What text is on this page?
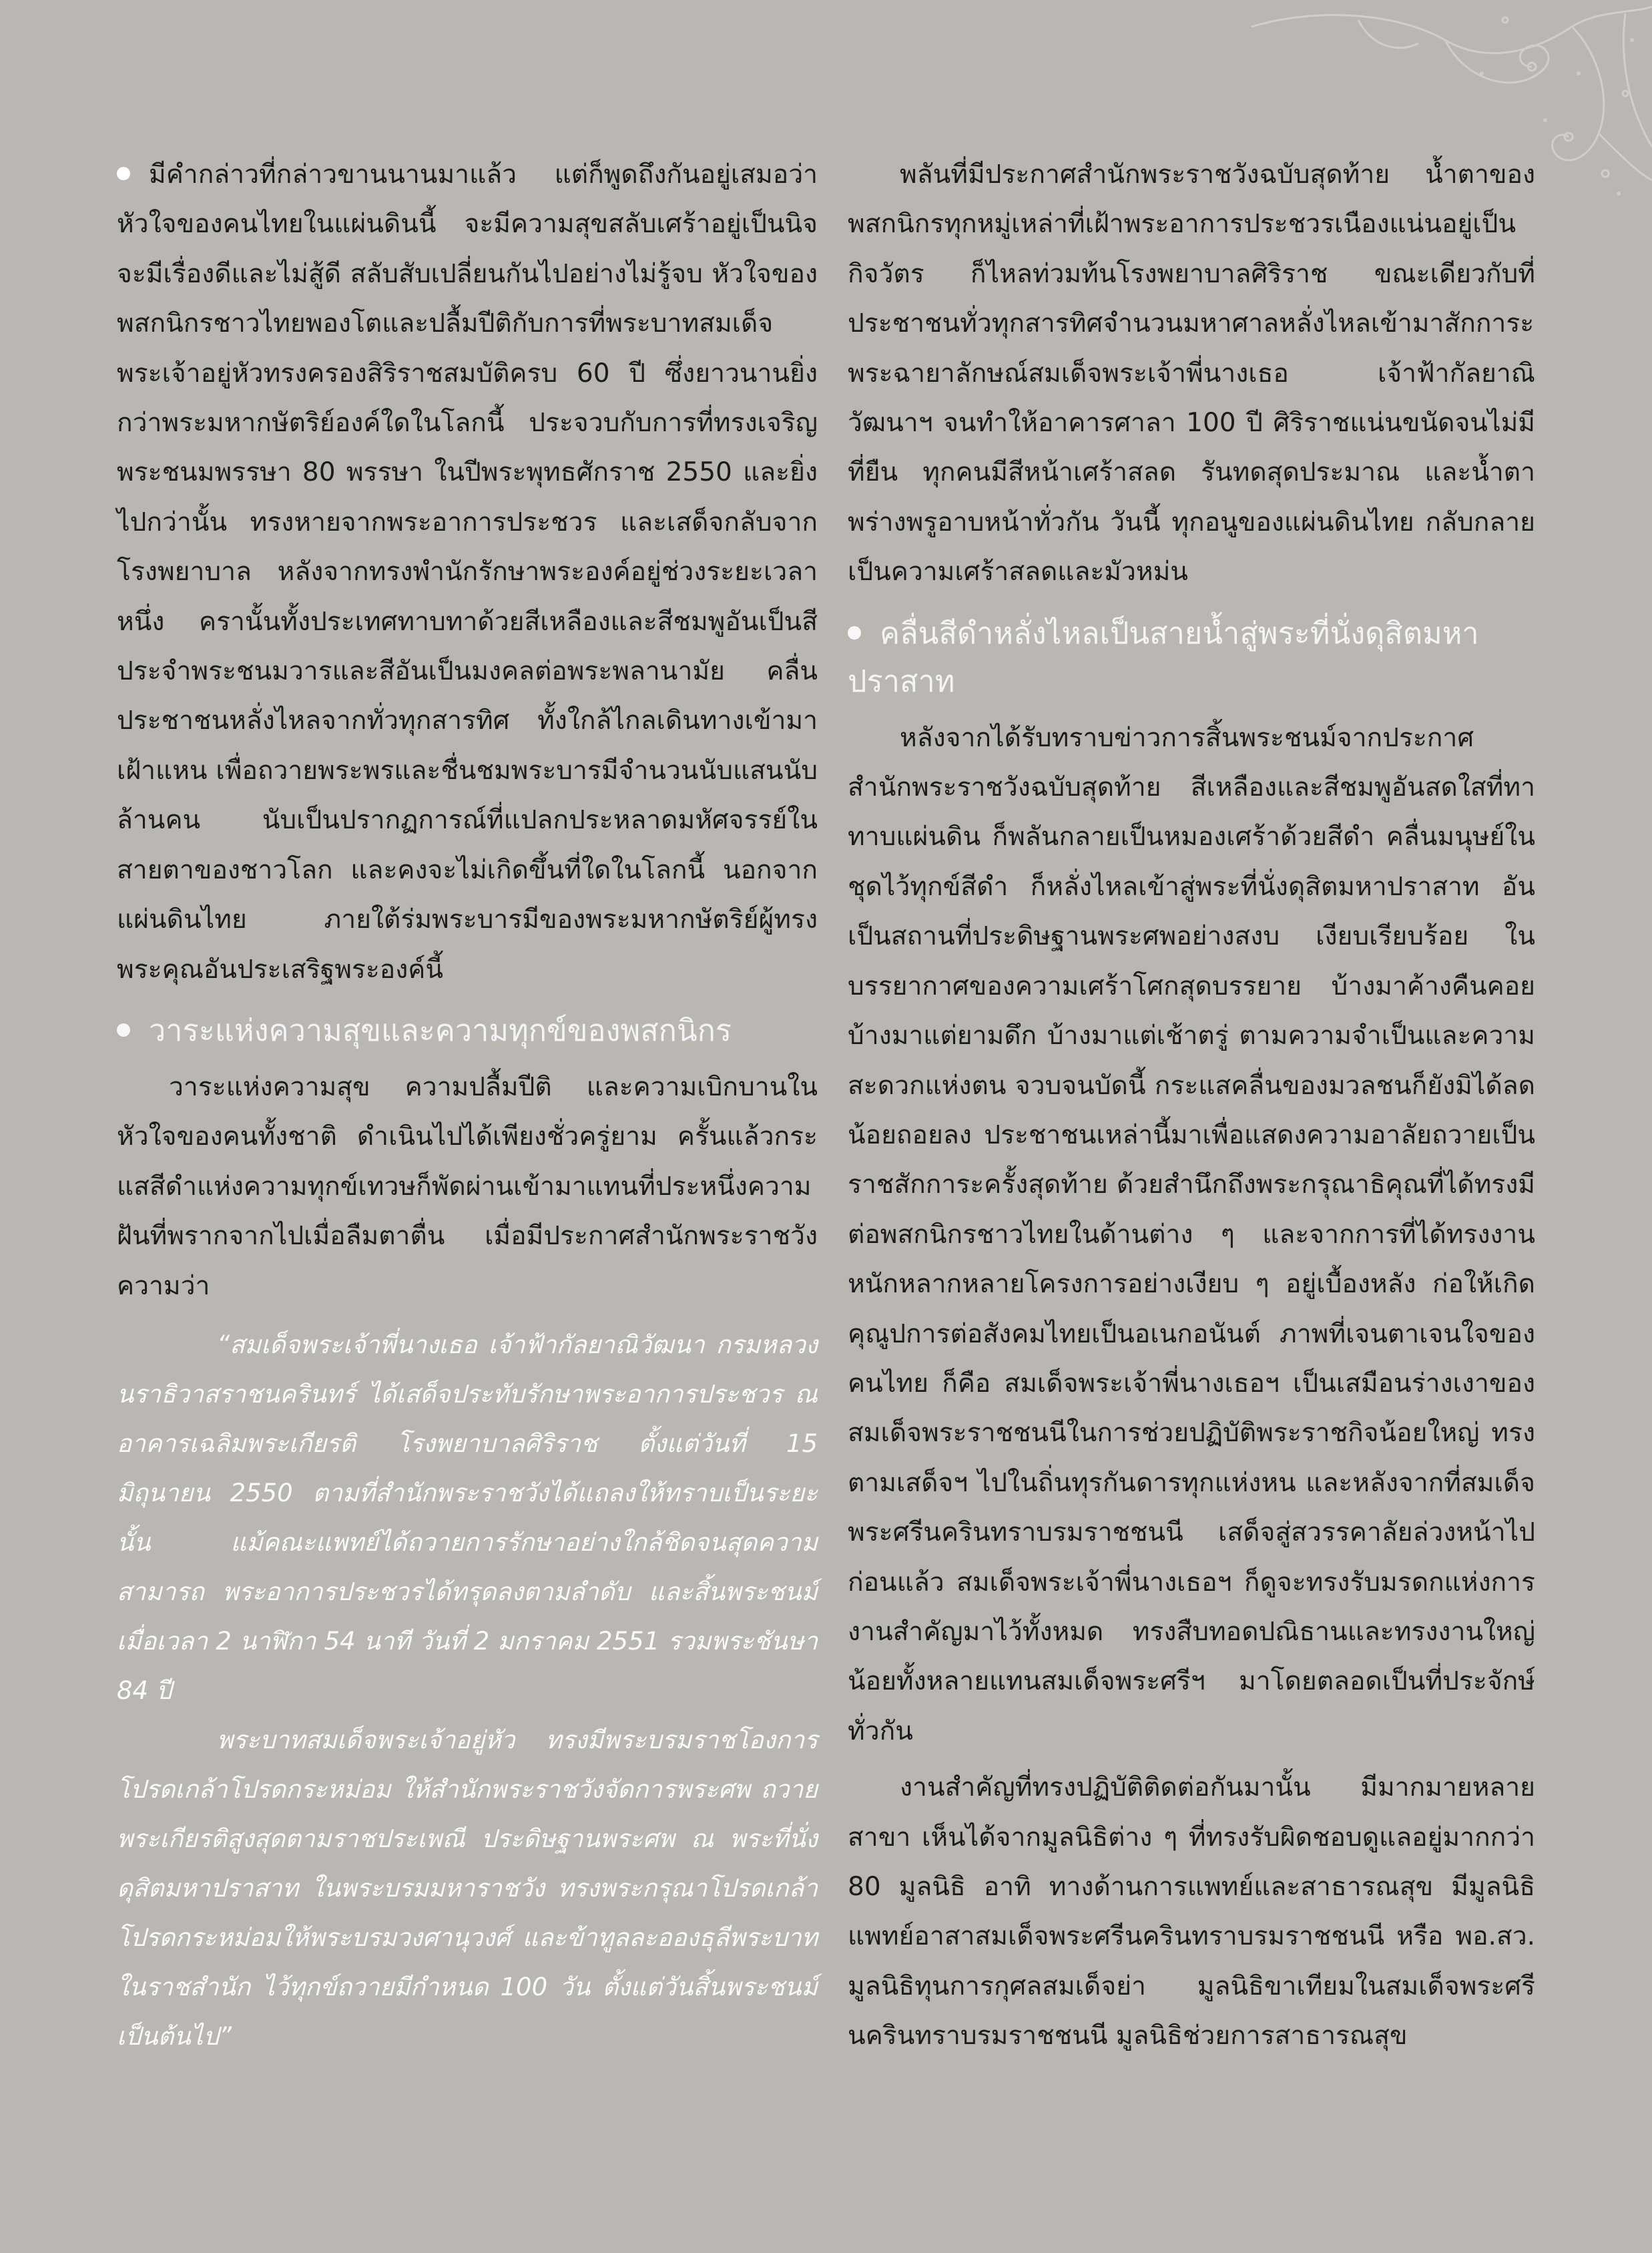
มีคำกล่าวที่กล่าวขานนานมาแล้ว แต่ก็พูดถึงกันอยู่เสมอว่า หัวใจของคนไทยในแผ่นดินนี้ จะมีความสุขสลับเศร้าอยู่เป็นนิจ จะมีเรื่องดีและไม่สู้ดี สลับสับเปลี่ยนกันไปอย่างไม่รู้จบ หัวใจของพสกนิกรชาวไทยพองโตและปลื้มปีติกับการที่พระบาทสมเด็จพระเจ้าอยู่หัวทรงครองสิริราชสมบัติครบ 60 ปี ซึ่งยาวนานยิ่งกว่าพระมหากษัตริย์องค์ใดในโลกนี้ ประจวบกับการที่ทรงเจริญพระชนมพรรษา 80 พรรษา ในปีพระพุทธศักราช 2550 และยิ่งไปกว่านั้น ทรงหายจากพระอาการประชวร และเสด็จกลับจากโรงพยาบาล หลังจากทรงพำนักรักษาพระองค์อยู่ช่วงระยะเวลาหนึ่ง ครานั้นทั้งประเทศทาบทาด้วยสีเหลืองและสีชมพูอันเป็นสีประจำพระชนมวารและสีอันเป็นมงคลต่อพระพลานามัย คลื่นประชาชนหลั่งไหลจากทั่วทุกสารทิศ ทั้งใกล้ไกลเดินทางเข้ามาเฝ้าแหน เพื่อถวายพระพรและชื่นชมพระบารมีจำนวนนับแสนนับล้านคน นับเป็นปรากฏการณ์ที่แปลกประหลาดมหัศจรรย์ในสายตาของชาวโลก และคงจะไม่เกิดขึ้นที่ใดในโลกนี้ นอกจากแผ่นดินไทย ภายใต้ร่มพระบารมีของพระมหากษัตริย์ผู้ทรงพระคุณอันประเสริฐพระองค์นี้

วาระแห่งความสุขและความทุกข์ของพสกนิกร

วาระแห่งความสุข ความปลื้มปีติ และความเบิกบานในหัวใจของคนทั้งชาติ ดำเนินไปได้เพียงชั่วครู่ยาม ครั้นแล้วกระแสสีดำแห่งความทุกข์เทวษก็พัดผ่านเข้ามาแทนที่ประหนึ่งความฝันที่พรากจากไปเมื่อลืมตาตื่น เมื่อมีประกาศสำนักพระราชวัง ความว่า

“สมเด็จพระเจ้าพี่นางเธอ เจ้าฟ้ากัลยาณิวัฒนา กรมหลวงนราธิวาสราชนครินทร์ ได้เสด็จประทับรักษาพระอาการประชวร ณ อาคารเฉลิมพระเกียรติ โรงพยาบาลศิริราช ตั้งแต่วันที่ 15 มิถุนายน 2550 ตามที่สำนักพระราชวังได้แถลงให้ทราบเป็นระยะนั้น แม้คณะแพทย์ได้ถวายการรักษาอย่างใกล้ชิดจนสุดความสามารถ พระอาการประชวรได้ทรุดลงตามลำดับ และสิ้นพระชนม์เมื่อเวลา 2 นาฬิกา 54 นาที วันที่ 2 มกราคม 2551 รวมพระชันษา 84 ปี

พระบาทสมเด็จพระเจ้าอยู่หัว ทรงมีพระบรมราชโองการโปรดเกล้าโปรดกระหม่อม ให้สำนักพระราชวังจัดการพระศพ ถวายพระเกียรติสูงสุดตามราชประเพณี ประดิษฐานพระศพ ณ พระที่นั่งดุสิตมหาปราสาท ในพระบรมมหาราชวัง ทรงพระกรุณาโปรดเกล้าโปรดกระหม่อมให้พระบรมวงศานุวงศ์ และข้าทูลละอองธุลีพระบาทในราชสำนัก ไว้ทุกข์ถวายมีกำหนด 100 วัน ตั้งแต่วันสิ้นพระชนม์เป็นต้นไป”

พลันที่มีประกาศสำนักพระราชวังฉบับสุดท้าย น้ำตาของพสกนิกรทุกหมู่เหล่าที่เฝ้าพระอาการประชวรเนืองแน่นอยู่เป็นกิจวัตร ก็ไหลท่วมท้นโรงพยาบาลศิริราช ขณะเดียวกับที่ประชาชนทั่วทุกสารทิศจำนวนมหาศาลหลั่งไหลเข้ามาสักการะพระฉายาลักษณ์สมเด็จพระเจ้าพี่นางเธอ เจ้าฟ้ากัลยาณิวัฒนาฯ จนทำให้อาคารศาลา 100 ปี ศิริราชแน่นขนัดจนไม่มีที่ยืน ทุกคนมีสีหน้าเศร้าสลด รันทดสุดประมาณ และน้ำตาพร่างพรูอาบหน้าทั่วกัน วันนี้ ทุกอนูของแผ่นดินไทย กลับกลายเป็นความเศร้าสลดและมัวหม่น

คลื่นสีดำหลั่งไหลเป็นสายน้ำสู่พระที่นั่งดุสิตมหาปราสาท

หลังจากได้รับทราบข่าวการสิ้นพระชนม์จากประกาศสำนักพระราชวังฉบับสุดท้าย สีเหลืองและสีชมพูอันสดใสที่ทาทาบแผ่นดิน ก็พลันกลายเป็นหมองเศร้าด้วยสีดำ คลื่นมนุษย์ในชุดไว้ทุกข์สีดำ ก็หลั่งไหลเข้าสู่พระที่นั่งดุสิตมหาปราสาท อันเป็นสถานที่ประดิษฐานพระศพอย่างสงบ เงียบเรียบร้อย ในบรรยากาศของความเศร้าโศกสุดบรรยาย บ้างมาค้างคืนคอย บ้างมาแต่ยามดึก บ้างมาแต่เช้าตรู่ ตามความจำเป็นและความสะดวกแห่งตน จวบจนบัดนี้ กระแสคลื่นของมวลชนก็ยังมิได้ลดน้อยถอยลง ประชาชนเหล่านี้มาเพื่อแสดงความอาลัยถวายเป็นราชสักการะครั้งสุดท้าย ด้วยสำนึกถึงพระกรุณาธิคุณที่ได้ทรงมีต่อพสกนิกรชาวไทยในด้านต่าง ๆ และจากการที่ได้ทรงงานหนักหลากหลายโครงการอย่างเงียบ ๆ อยู่เบื้องหลัง ก่อให้เกิดคุณูปการต่อสังคมไทยเป็นอเนกอนันต์ ภาพที่เจนตาเจนใจของคนไทย ก็คือ สมเด็จพระเจ้าพี่นางเธอฯ เป็นเสมือนร่างเงาของสมเด็จพระราชชนนีในการช่วยปฏิบัติพระราชกิจน้อยใหญ่ ทรงตามเสด็จฯ ไปในถิ่นทุรกันดารทุกแห่งหน และหลังจากที่สมเด็จพระศรีนครินทราบรมราชชนนี เสด็จสู่สวรรคาลัยล่วงหน้าไปก่อนแล้ว สมเด็จพระเจ้าพี่นางเธอฯ ก็ดูจะทรงรับมรดกแห่งการงานสำคัญมาไว้ทั้งหมด ทรงสืบทอดปณิธานและทรงงานใหญ่น้อยทั้งหลายแทนสมเด็จพระศรีฯ มาโดยตลอดเป็นที่ประจักษ์ทั่วกัน

งานสำคัญที่ทรงปฏิบัติติดต่อกันมานั้น มีมากมายหลายสาขา เห็นได้จากมูลนิธิต่าง ๆ ที่ทรงรับผิดชอบดูแลอยู่มากกว่า 80 มูลนิธิ อาทิ ทางด้านการแพทย์และสาธารณสุข มีมูลนิธิแพทย์อาสาสมเด็จพระศรีนครินทราบรมราชชนนี หรือ พอ.สว. มูลนิธิทุนการกุศลสมเด็จย่า มูลนิธิขาเทียมในสมเด็จพระศรีนครินทราบรมราชชนนี มูลนิธิช่วยการสาธารณสุข
